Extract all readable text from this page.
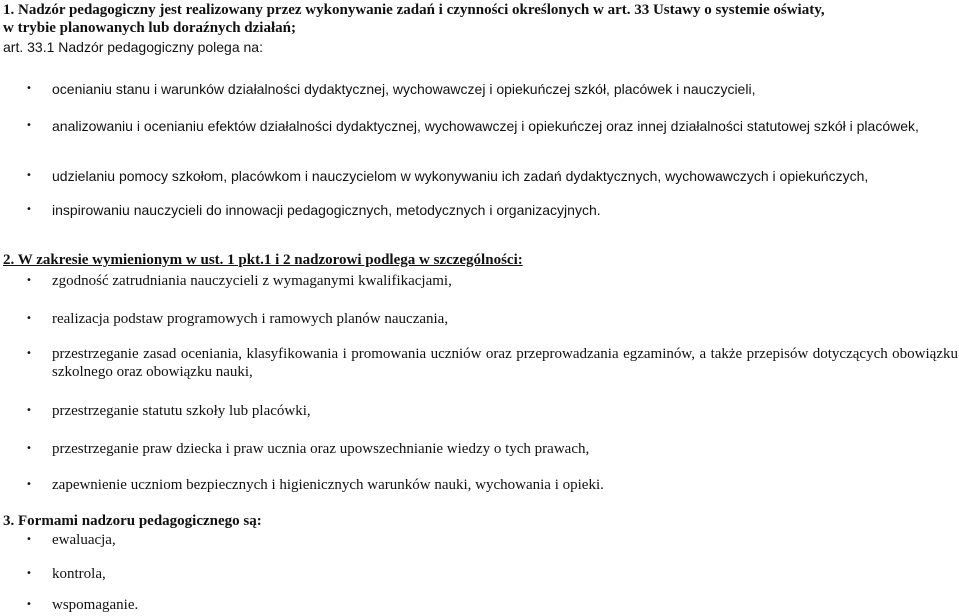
1. Nadzór pedagogiczny jest realizowany przez wykonywanie zadań i czynności określonych w art. 33 Ustawy o systemie oświaty,
w trybie planowanych lub doraźnych działań;
art. 33.1 Nadzór pedagogiczny polega na:
• ocenianiu stanu i warunków działalności dydaktycznej, wychowawczej i opiekuńczej szkół, placówek i nauczycieli,
• analizowaniu i ocenianiu efektów działalności dydaktycznej, wychowawczej i opiekuńczej oraz innej działalności statutowej szkół i placówek,
• udzielaniu pomocy szkołom, placówkom i nauczycielom w wykonywaniu ich zadań dydaktycznych, wychowawczych i opiekuńczych,
• inspirowaniu nauczycieli do innowacji pedagogicznych, metodycznych i organizacyjnych.
2. W zakresie wymienionym w ust. 1 pkt.1 i 2 nadzorowi podlega w szczególności:
• zgodność zatrudniania nauczycieli z wymaganymi kwalifikacjami,
• realizacja podstaw programowych i ramowych planów nauczania,
• przestrzeganie zasad oceniania, klasyfikowania i promowania uczniów oraz przeprowadzania egzaminów, a także przepisów dotyczących obowiązku szkolnego oraz obowiązku nauki,
• przestrzeganie statutu szkoły lub placówki,
• przestrzeganie praw dziecka i praw ucznia oraz upowszechnianie wiedzy o tych prawach,
• zapewnienie uczniom bezpiecznych i higienicznych warunków nauki, wychowania i opieki.
3. Formami nadzoru pedagogicznego są:
• ewaluacja,
• kontrola,
• wspomaganie.
